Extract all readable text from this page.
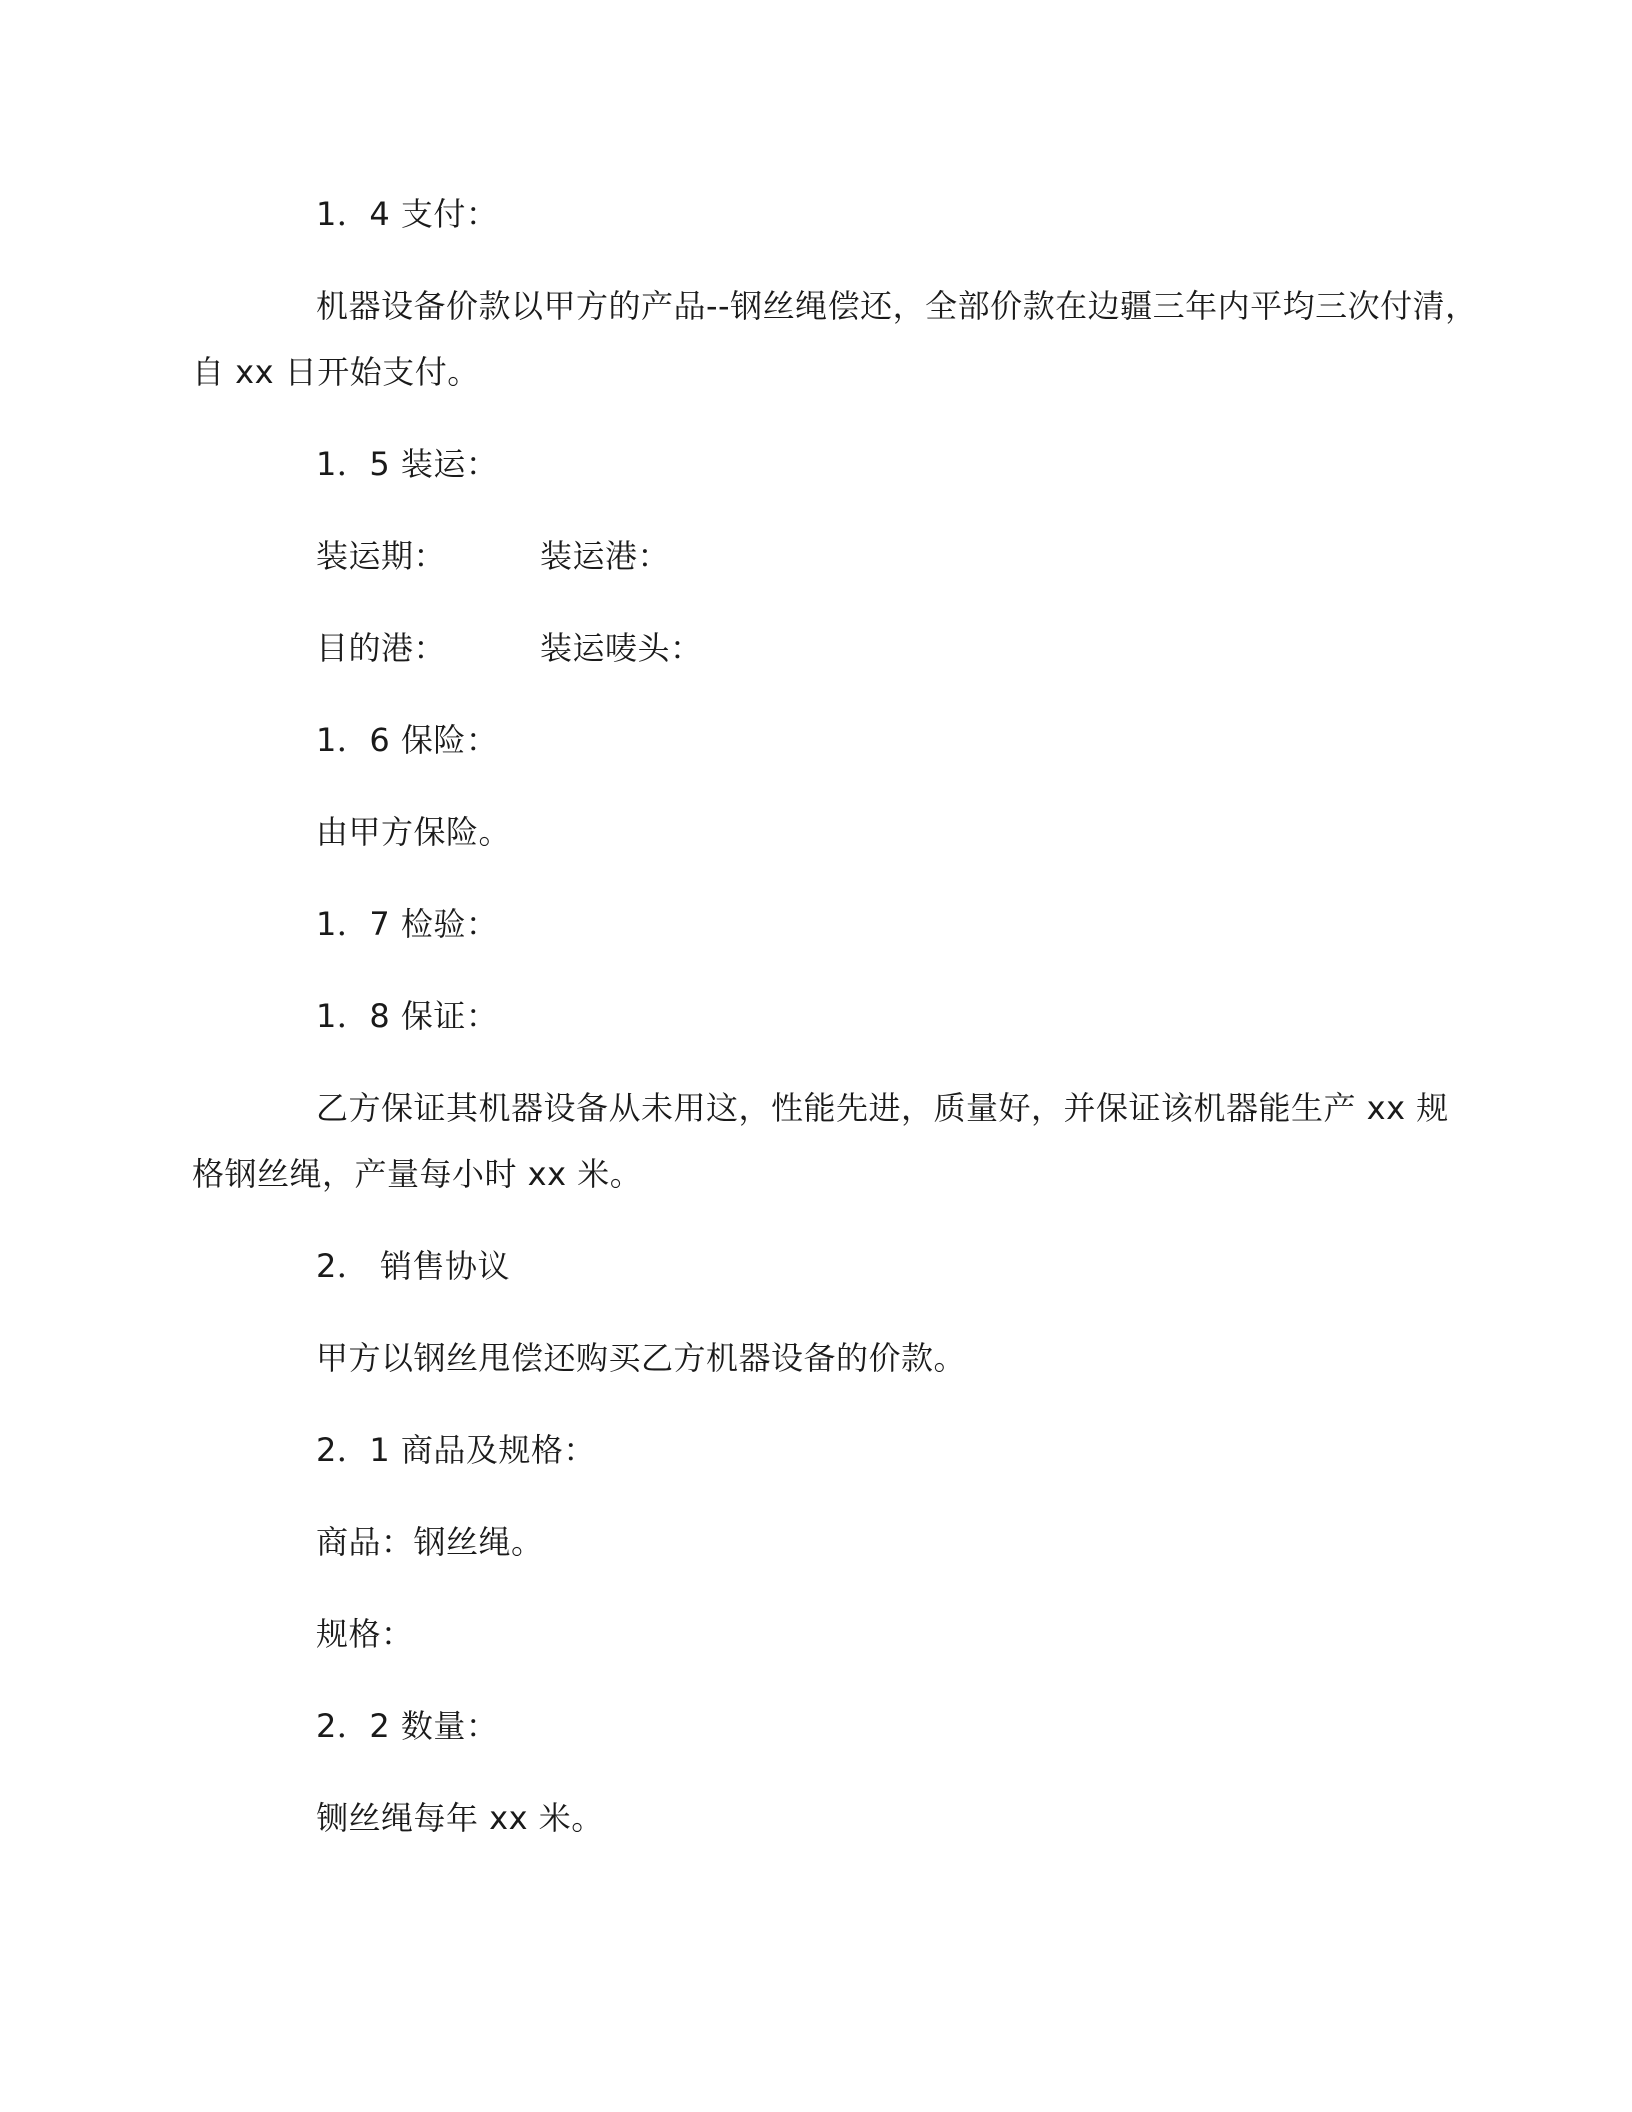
1．4 支付：
机器设备价款以甲方的产品--钢丝绳偿还，全部价款在边疆三年内平均三次付清，
自 xx 日开始支付。
1．5 装运：
装运期：	装运港：
目的港：	装运唛头：
1．6 保险：
由甲方保险。
1．7 检验：
1．8 保证：
乙方保证其机器设备从未用这，性能先进，质量好，并保证该机器能生产 xx 规
格钢丝绳，产量每小时 xx 米。
2． 销售协议
甲方以钢丝甩偿还购买乙方机器设备的价款。
2．1 商品及规格：
商品：钢丝绳。
规格：
2．2 数量：
铡丝绳每年 xx 米。
